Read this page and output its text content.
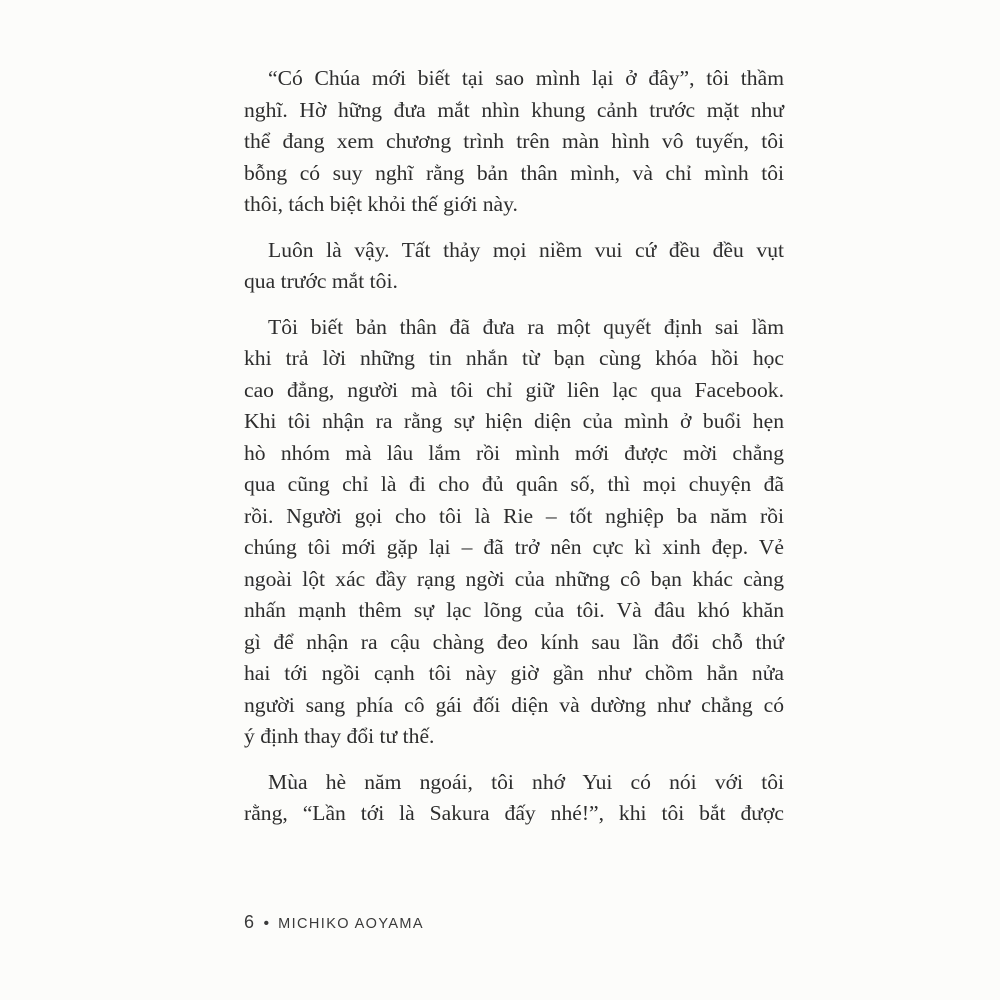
“Có Chúa mới biết tại sao mình lại ở đây”, tôi thầm
nghĩ. Hờ hững đưa mắt nhìn khung cảnh trước mặt như
thể đang xem chương trình trên màn hình vô tuyến, tôi
bỗng có suy nghĩ rằng bản thân mình, và chỉ mình tôi
thôi, tách biệt khỏi thế giới này.
Luôn là vậy. Tất thảy mọi niềm vui cứ đều đều vụt
qua trước mắt tôi.
Tôi biết bản thân đã đưa ra một quyết định sai lầm
khi trả lời những tin nhắn từ bạn cùng khóa hồi học
cao đẳng, người mà tôi chỉ giữ liên lạc qua Facebook.
Khi tôi nhận ra rằng sự hiện diện của mình ở buổi hẹn
hò nhóm mà lâu lắm rồi mình mới được mời chẳng
qua cũng chỉ là đi cho đủ quân số, thì mọi chuyện đã
rồi. Người gọi cho tôi là Rie – tốt nghiệp ba năm rồi
chúng tôi mới gặp lại – đã trở nên cực kì xinh đẹp. Vẻ
ngoài lột xác đầy rạng ngời của những cô bạn khác càng
nhấn mạnh thêm sự lạc lõng của tôi. Và đâu khó khăn
gì để nhận ra cậu chàng đeo kính sau lần đổi chỗ thứ
hai tới ngồi cạnh tôi này giờ gần như chồm hẳn nửa
người sang phía cô gái đối diện và dường như chẳng có
ý định thay đổi tư thế.
Mùa hè năm ngoái, tôi nhớ Yui có nói với tôi
rằng, “Lần tới là Sakura đấy nhé!”, khi tôi bắt được
6 • MICHIKO AOYAMA
